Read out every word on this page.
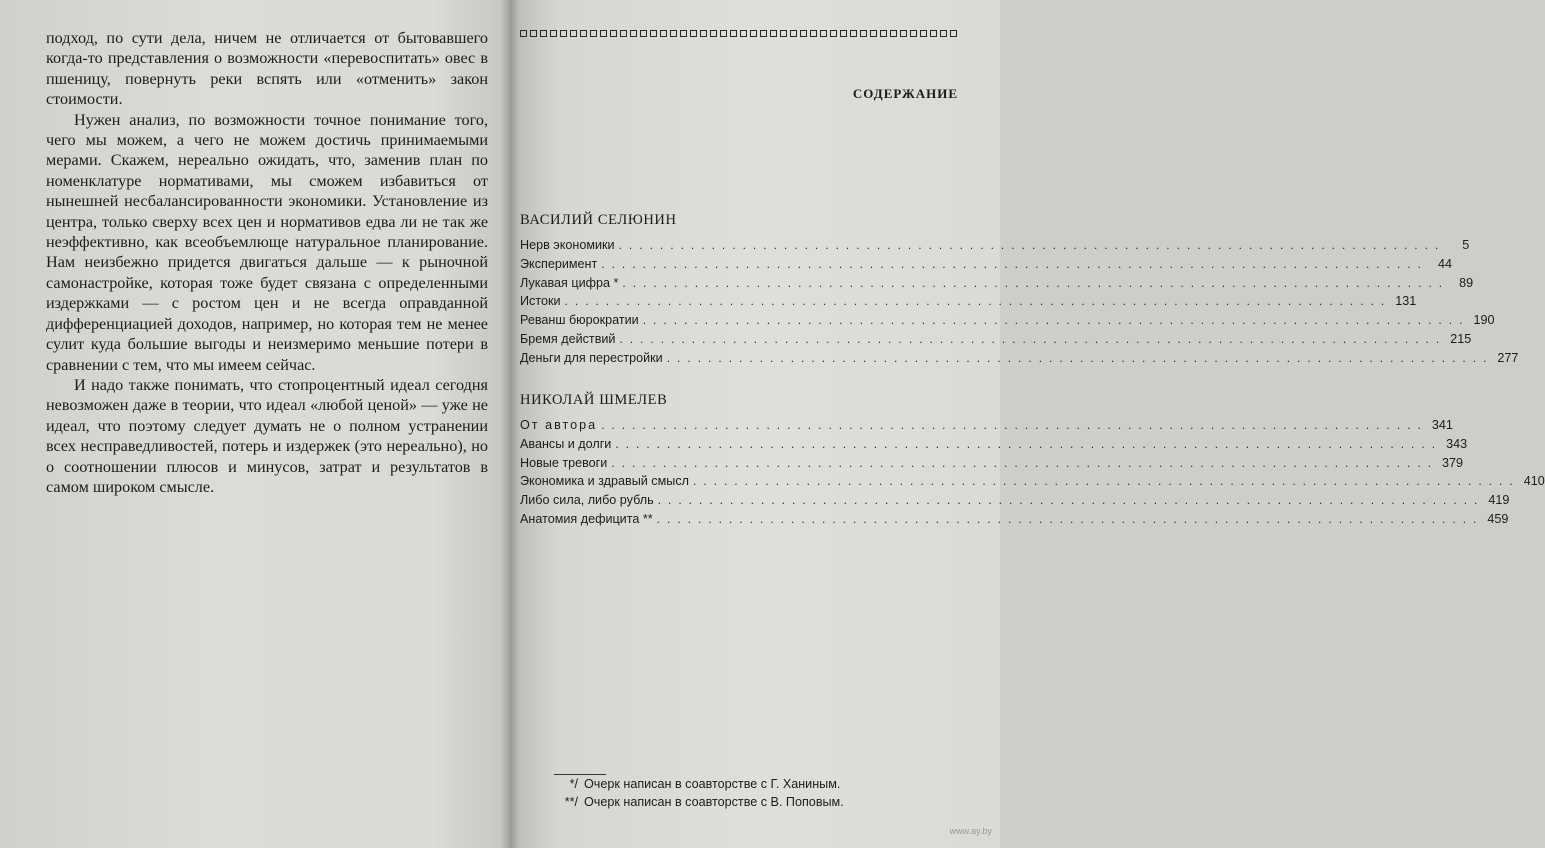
подход, по сути дела, ничем не отличается от бытовавшего когда-то представления о возможности «перевоспитать» овес в пшеницу, повернуть реки вспять или «отменить» закон стоимости.

Нужен анализ, по возможности точное понимание того, чего мы можем, а чего не можем достичь принимаемыми мерами. Скажем, нереально ожидать, что, заменив план по номенклатуре нормативами, мы сможем избавиться от нынешней несбалансированности экономики. Установление из центра, только сверху всех цен и нормативов едва ли не так же неэффективно, как всеобъемлюще натуральное планирование. Нам неизбежно придется двигаться дальше — к рыночной самонастройке, которая тоже будет связана с определенными издержками — с ростом цен и не всегда оправданной дифференциацией доходов, например, но которая тем не менее сулит куда большие выгоды и неизмеримо меньшие потери в сравнении с тем, что мы имеем сейчас.

И надо также понимать, что стопроцентный идеал сегодня невозможен даже в теории, что идеал «любой ценой» — уже не идеал, что поэтому следует думать не о полном устранении всех несправедливостей, потерь и издержек (это нереально), но о соотношении плюсов и минусов, затрат и результатов в самом широком смысле.

СОДЕРЖАНИЕ
ВАСИЛИЙ СЕЛЮНИН
Нерв экономики ................................................................................	5
Эксперимент ................................................................................ 44
Лукавая цифра * ................................................................................ 89
Истоки ................................................................................ 131
Реванш бюрократии ................................................................................ 190
Бремя действий ................................................................................ 215
Деньги для перестройки ................................................................................ 277
НИКОЛАЙ ШМЕЛЕВ
От автора ................................................................................ 341
Авансы и долги ................................................................................ 343
Новые тревоги ................................................................................ 379
Экономика и здравый смысл ................................................................................ 410
Либо сила, либо рубль ................................................................................ 419
Анатомия дефицита ** ................................................................................ 459
*/ Очерк написан в соавторстве с Г. Ханиным.
**/ Очерк написан в соавторстве с В. Поповым.
www.ay.by
